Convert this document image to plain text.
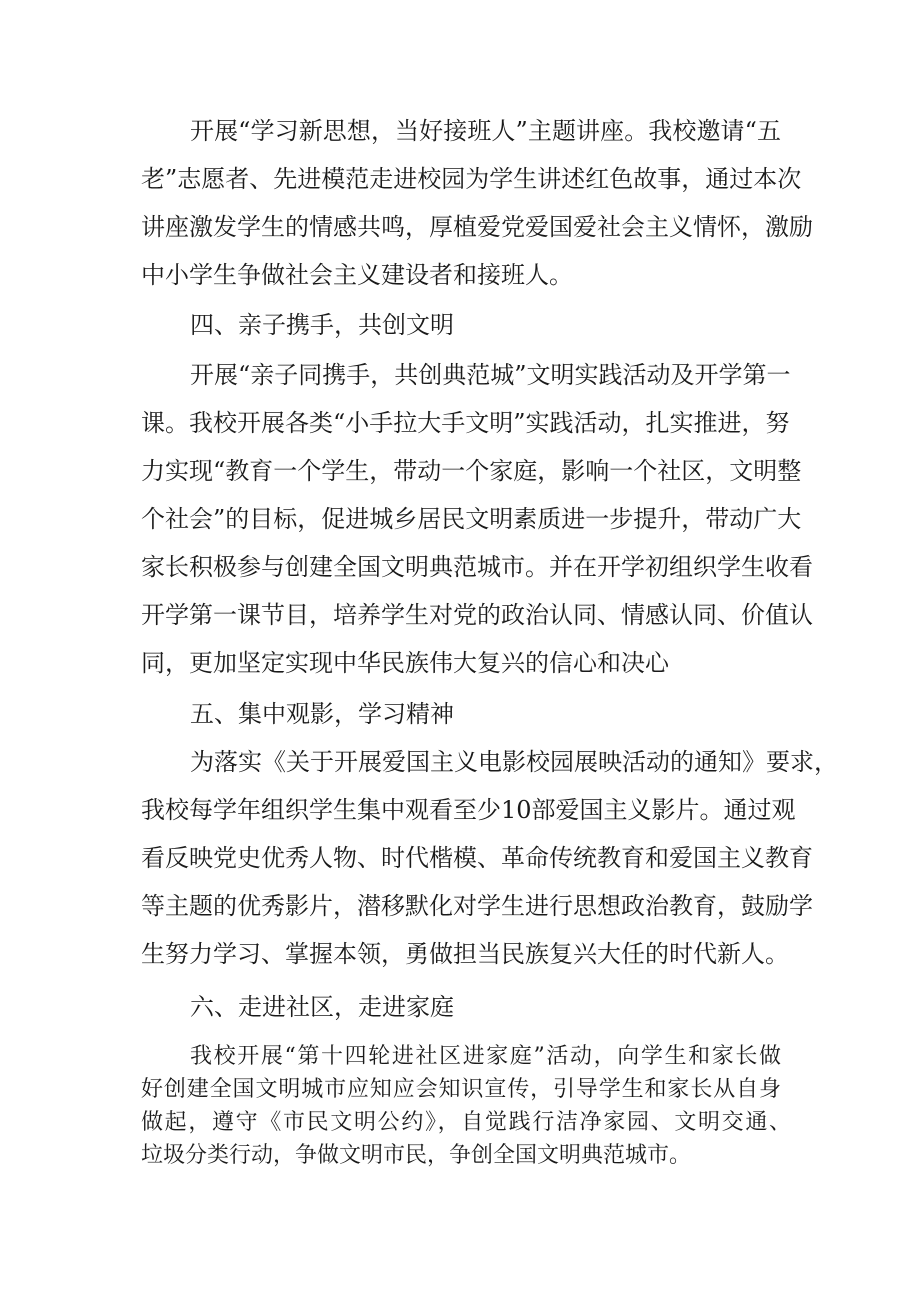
开展“学习新思想，当好接班人”主题讲座。我校邀请“五
老”志愿者、先进模范走进校园为学生讲述红色故事，通过本次
讲座激发学生的情感共鸣，厚植爱党爱国爱社会主义情怀，激励
中小学生争做社会主义建设者和接班人。
四、亲子携手，共创文明
开展“亲子同携手，共创典范城”文明实践活动及开学第一
课。我校开展各类“小手拉大手文明”实践活动，扎实推进，努
力实现“教育一个学生，带动一个家庭，影响一个社区，文明整
个社会”的目标，促进城乡居民文明素质进一步提升，带动广大
家长积极参与创建全国文明典范城市。并在开学初组织学生收看
开学第一课节目，培养学生对党的政治认同、情感认同、价值认
同，更加坚定实现中华民族伟大复兴的信心和决心
五、集中观影，学习精神
为落实《关于开展爱国主义电影校园展映活动的通知》要求，
我校每学年组织学生集中观看至少10部爱国主义影片。通过观
看反映党史优秀人物、时代楷模、革命传统教育和爱国主义教育
等主题的优秀影片，潜移默化对学生进行思想政治教育，鼓励学
生努力学习、掌握本领，勇做担当民族复兴大任的时代新人。
六、走进社区，走进家庭
我校开展“第十四轮进社区进家庭”活动，向学生和家长做
好创建全国文明城市应知应会知识宣传，引导学生和家长从自身
做起，遵守《市民文明公约》，自觉践行洁净家园、文明交通、
垃圾分类行动，争做文明市民，争创全国文明典范城市。
